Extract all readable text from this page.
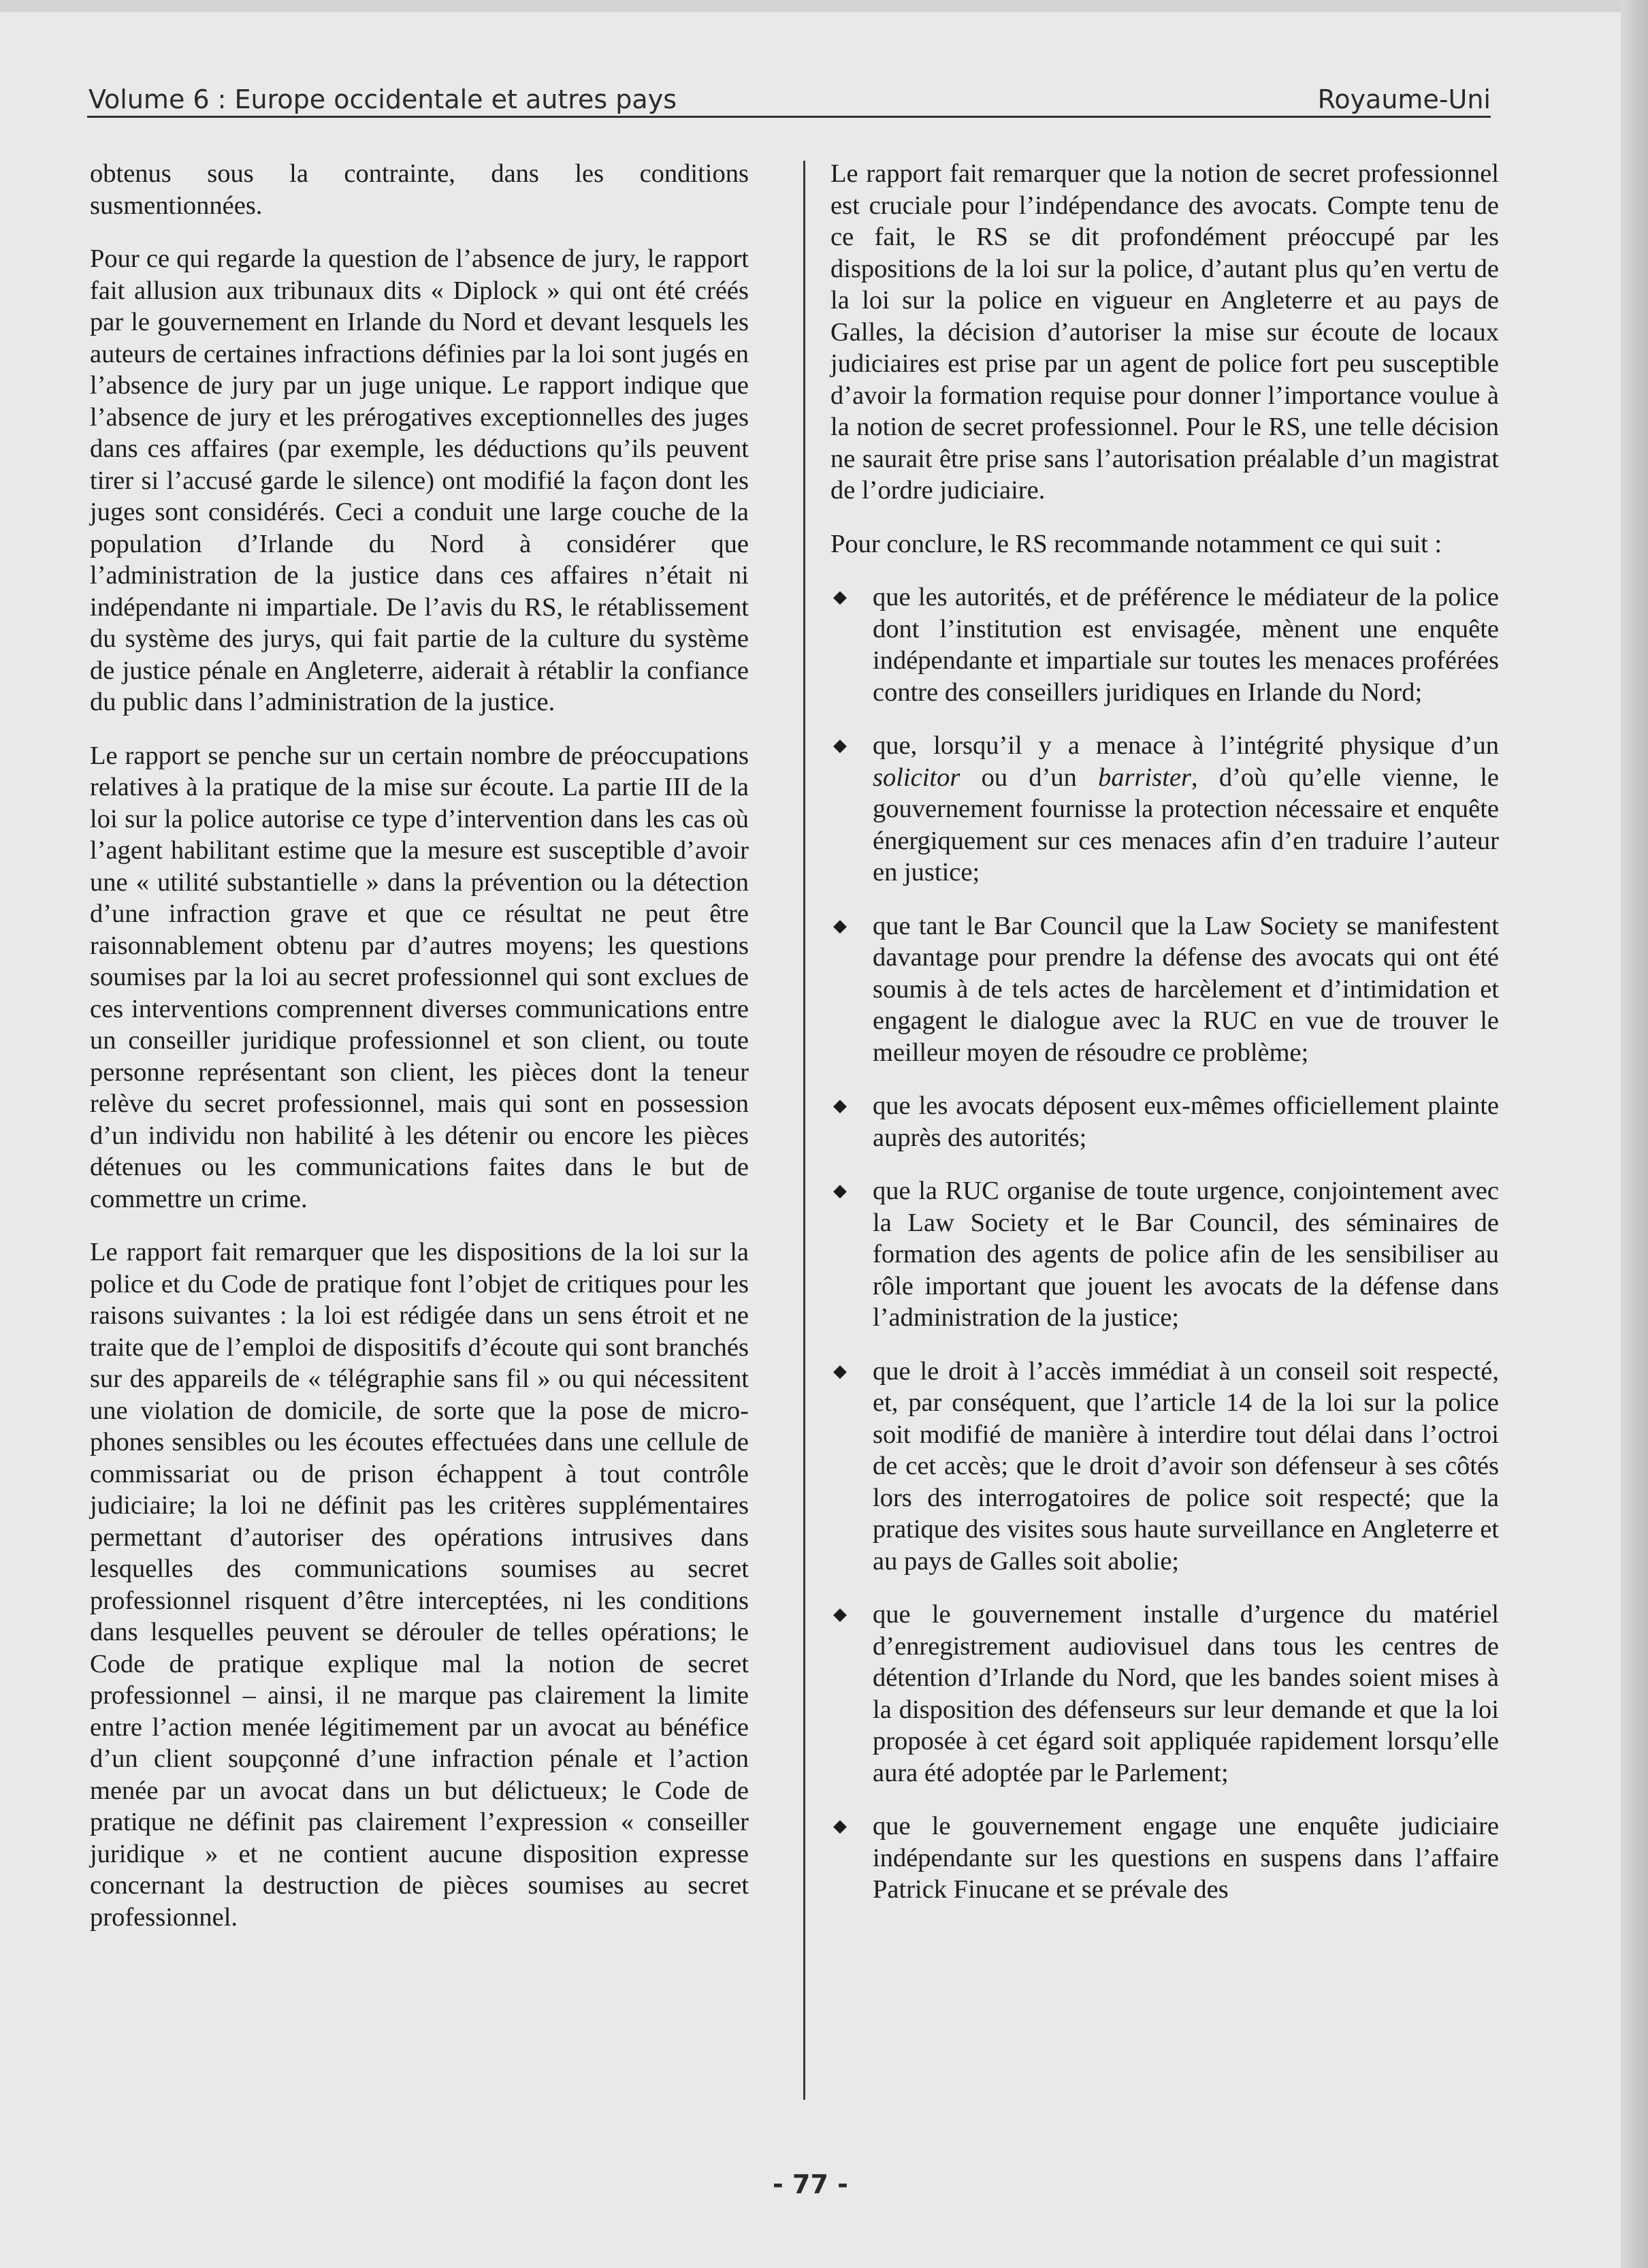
Volume 6 : Europe occidentale et autres pays	Royaume-Uni

obtenus sous la contrainte, dans les conditions susmentionnées.

Pour ce qui regarde la question de l’absence de jury, le rapport fait allusion aux tribunaux dits « Diplock » qui ont été créés par le gouvernement en Irlande du Nord et devant lesquels les auteurs de certaines infractions définies par la loi sont jugés en l’absence de jury par un juge unique. Le rapport indique que l’absence de jury et les prérogatives exceptionnelles des juges dans ces affaires (par exemple, les déductions qu’ils peuvent tirer si l’accusé garde le silence) ont modifié la façon dont les juges sont considérés. Ceci a conduit une large couche de la population d’Irlande du Nord à considérer que l’administration de la justice dans ces affaires n’était ni indépendante ni impartiale. De l’avis du RS, le rétablissement du système des jurys, qui fait partie de la culture du système de justice pénale en Angleterre, aiderait à rétablir la confiance du public dans l’administration de la justice.

Le rapport se penche sur un certain nombre de préoccupations relatives à la pratique de la mise sur écoute. La partie III de la loi sur la police autorise ce type d’intervention dans les cas où l’agent habilitant estime que la mesure est susceptible d’avoir une « utilité substantielle » dans la prévention ou la détection d’une infraction grave et que ce résultat ne peut être raisonnablement obtenu par d’autres moyens; les questions soumises par la loi au secret professionnel qui sont exclues de ces interventions comprennent diverses communications entre un conseiller juridique professionnel et son client, ou toute personne représentant son client, les pièces dont la teneur relève du secret professionnel, mais qui sont en possession d’un individu non habilité à les détenir ou encore les pièces détenues ou les communications faites dans le but de commettre un crime.

Le rapport fait remarquer que les dispositions de la loi sur la police et du Code de pratique font l’objet de critiques pour les raisons suivantes : la loi est rédigée dans un sens étroit et ne traite que de l’emploi de dispositifs d’écoute qui sont branchés sur des appareils de « télégraphie sans fil » ou qui nécessitent une violation de domicile, de sorte que la pose de microphones sensibles ou les écoutes effectuées dans une cellule de commissariat ou de prison échappent à tout contrôle judiciaire; la loi ne définit pas les critères supplémentaires permettant d’autoriser des opérations intrusives dans lesquelles des communications soumises au secret professionnel risquent d’être interceptées, ni les conditions dans lesquelles peuvent se dérouler de telles opérations; le Code de pratique explique mal la notion de secret professionnel – ainsi, il ne marque pas clairement la limite entre l’action menée légitimement par un avocat au bénéfice d’un client soupçonné d’une infraction pénale et l’action menée par un avocat dans un but délictueux; le Code de pratique ne définit pas clairement l’expression « conseiller juridique » et ne contient aucune disposition expresse concernant la destruction de pièces soumises au secret professionnel.

Le rapport fait remarquer que la notion de secret professionnel est cruciale pour l’indépendance des avocats. Compte tenu de ce fait, le RS se dit profondément préoccupé par les dispositions de la loi sur la police, d’autant plus qu’en vertu de la loi sur la police en vigueur en Angleterre et au pays de Galles, la décision d’autoriser la mise sur écoute de locaux judiciaires est prise par un agent de police fort peu susceptible d’avoir la formation requise pour donner l’importance voulue à la notion de secret professionnel. Pour le RS, une telle décision ne saurait être prise sans l’autorisation préalable d’un magistrat de l’ordre judiciaire.

Pour conclure, le RS recommande notamment ce qui suit :

◆ que les autorités, et de préférence le médiateur de la police dont l’institution est envisagée, mènent une enquête indépendante et impartiale sur toutes les menaces proférées contre des conseillers juridiques en Irlande du Nord;
◆ que, lorsqu’il y a menace à l’intégrité physique d’un solicitor ou d’un barrister, d’où qu’elle vienne, le gouvernement fournisse la protection nécessaire et enquête énergiquement sur ces menaces afin d’en traduire l’auteur en justice;
◆ que tant le Bar Council que la Law Society se manifestent davantage pour prendre la défense des avocats qui ont été soumis à de tels actes de harcèlement et d’intimidation et engagent le dialogue avec la RUC en vue de trouver le meilleur moyen de résoudre ce problème;
◆ que les avocats déposent eux-mêmes officiellement plainte auprès des autorités;
◆ que la RUC organise de toute urgence, conjointement avec la Law Society et le Bar Council, des séminaires de formation des agents de police afin de les sensibiliser au rôle important que jouent les avocats de la défense dans l’administration de la justice;
◆ que le droit à l’accès immédiat à un conseil soit respecté, et, par conséquent, que l’article 14 de la loi sur la police soit modifié de manière à interdire tout délai dans l’octroi de cet accès; que le droit d’avoir son défenseur à ses côtés lors des interrogatoires de police soit respecté; que la pratique des visites sous haute surveillance en Angleterre et au pays de Galles soit abolie;
◆ que le gouvernement installe d’urgence du matériel d’enregistrement audiovisuel dans tous les centres de détention d’Irlande du Nord, que les bandes soient mises à la disposition des défenseurs sur leur demande et que la loi proposée à cet égard soit appliquée rapidement lorsqu’elle aura été adoptée par le Parlement;
◆ que le gouvernement engage une enquête judiciaire indépendante sur les questions en suspens dans l’affaire Patrick Finucane et se prévale des
- 77 -
